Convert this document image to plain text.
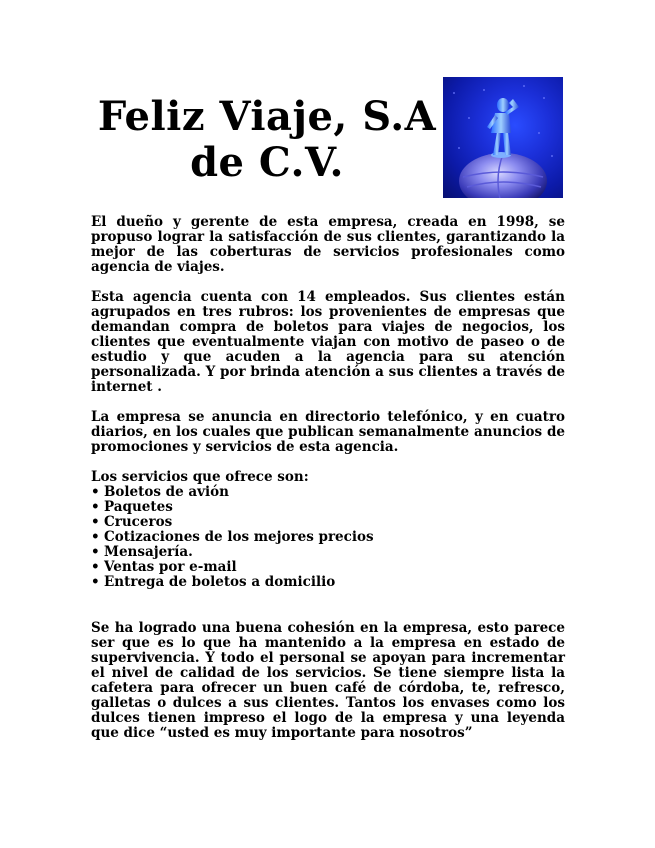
Feliz Viaje, S.A
de C.V.

El dueño y gerente de esta empresa, creada en 1998, se propuso lograr la satisfacción de sus clientes, garantizando la mejor de las coberturas de servicios profesionales como agencia de viajes.

Esta agencia cuenta con 14 empleados. Sus clientes están agrupados en tres rubros: los provenientes de empresas que demandan compra de boletos para viajes de negocios, los clientes que eventualmente viajan con motivo de paseo o de estudio y que acuden a la agencia para su atención personalizada. Y por brinda atención a sus clientes a través de internet .

La empresa se anuncia en directorio telefónico, y en cuatro diarios, en los cuales que publican semanalmente anuncios de promociones y servicios de esta agencia.

Los servicios que ofrece son:

• Boletos de avión
• Paquetes
• Cruceros
• Cotizaciones de los mejores precios
• Mensajería.
• Ventas por e-mail
• Entrega de boletos a domicilio

Se ha logrado una buena cohesión en la empresa, esto parece ser que es lo que ha mantenido a la empresa en estado de supervivencia. Y todo el personal se apoyan para incrementar el nivel de calidad de los servicios. Se tiene siempre lista la cafetera para ofrecer un buen café de córdoba, te, refresco, galletas o dulces a sus clientes. Tantos los envases como los dulces tienen impreso el logo de la empresa y una leyenda que dice “usted es muy importante para nosotros”
